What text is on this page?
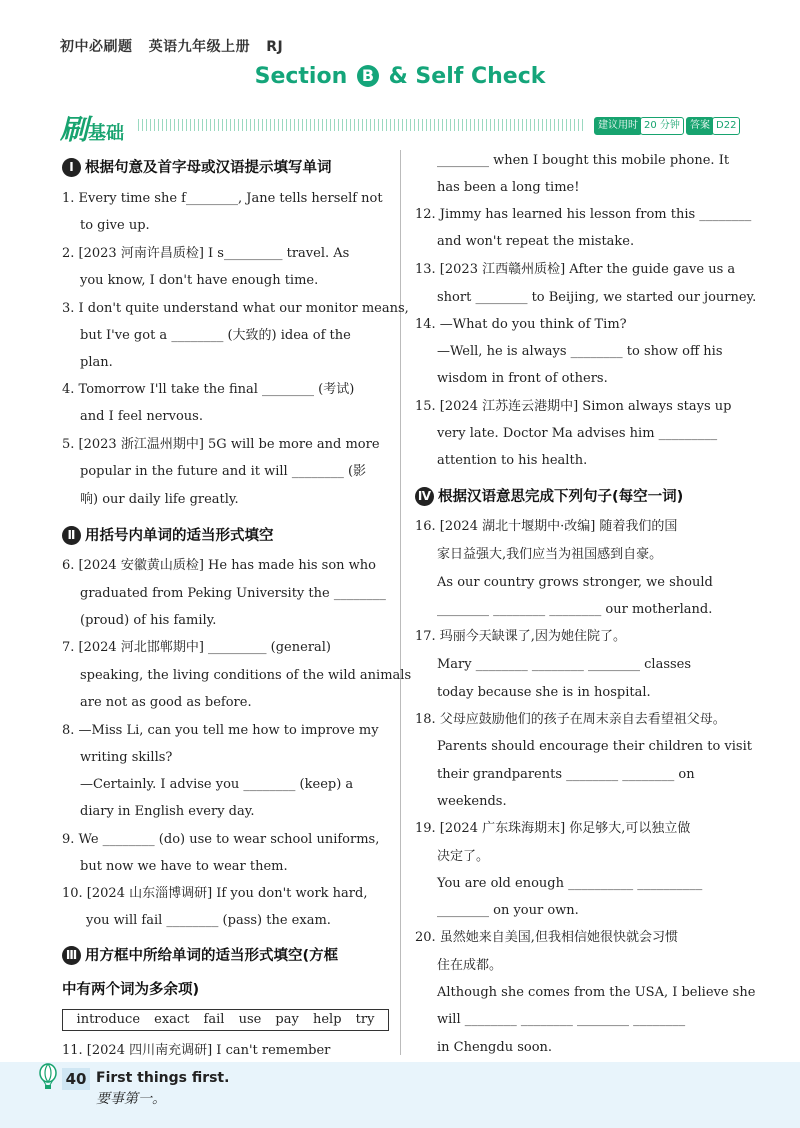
初中必刷题   英语九年级上册   RJ
Section B & Self Check
刷基础	建议用时 20 分钟	答案 D22
Ⅰ 根据句意及首字母或汉语提示填写单词
1. Every time she f________, Jane tells herself not
to give up.
2. [2023 河南许昌质检] I s_________ travel. As
you know, I don't have enough time.
3. I don't quite understand what our monitor means,
but I've got a ________ (大致的) idea of the
plan.
4. Tomorrow I'll take the final ________ (考试)
and I feel nervous.
5. [2023 浙江温州期中] 5G will be more and more
popular in the future and it will ________ (影
响) our daily life greatly.
Ⅱ 用括号内单词的适当形式填空
6. [2024 安徽黄山质检] He has made his son who
graduated from Peking University the ________
(proud) of his family.
7. [2024 河北邯郸期中] _________ (general)
speaking, the living conditions of the wild animals
are not as good as before.
8. —Miss Li, can you tell me how to improve my
writing skills?
—Certainly. I advise you ________ (keep) a
diary in English every day.
9. We ________ (do) use to wear school uniforms,
but now we have to wear them.
10. [2024 山东淄博调研] If you don't work hard,
you will fail ________ (pass) the exam.
Ⅲ 用方框中所给单词的适当形式填空(方框
中有两个词为多余项)
introduce exact fail use pay help try
11. [2024 四川南充调研] I can't remember
________ when I bought this mobile phone. It
has been a long time!
12. Jimmy has learned his lesson from this ________
and won't repeat the mistake.
13. [2023 江西赣州质检] After the guide gave us a
short ________ to Beijing, we started our journey.
14. —What do you think of Tim?
—Well, he is always ________ to show off his
wisdom in front of others.
15. [2024 江苏连云港期中] Simon always stays up
very late. Doctor Ma advises him _________
attention to his health.
Ⅳ 根据汉语意思完成下列句子(每空一词)
16. [2024 湖北十堰期中·改编] 随着我们的国
家日益强大,我们应当为祖国感到自豪。
As our country grows stronger, we should
________ ________ ________ our motherland.
17. 玛丽今天缺课了,因为她住院了。
Mary ________ ________ ________ classes
today because she is in hospital.
18. 父母应鼓励他们的孩子在周末亲自去看望祖父母。
Parents should encourage their children to visit
their grandparents ________ ________ on
weekends.
19. [2024 广东珠海期末] 你足够大,可以独立做
决定了。
You are old enough __________ __________
________ on your own.
20. 虽然她来自美国,但我相信她很快就会习惯
住在成都。
Although she comes from the USA, I believe she
will ________ ________ ________ ________
in Chengdu soon.
40 First things first.
要事第一。
